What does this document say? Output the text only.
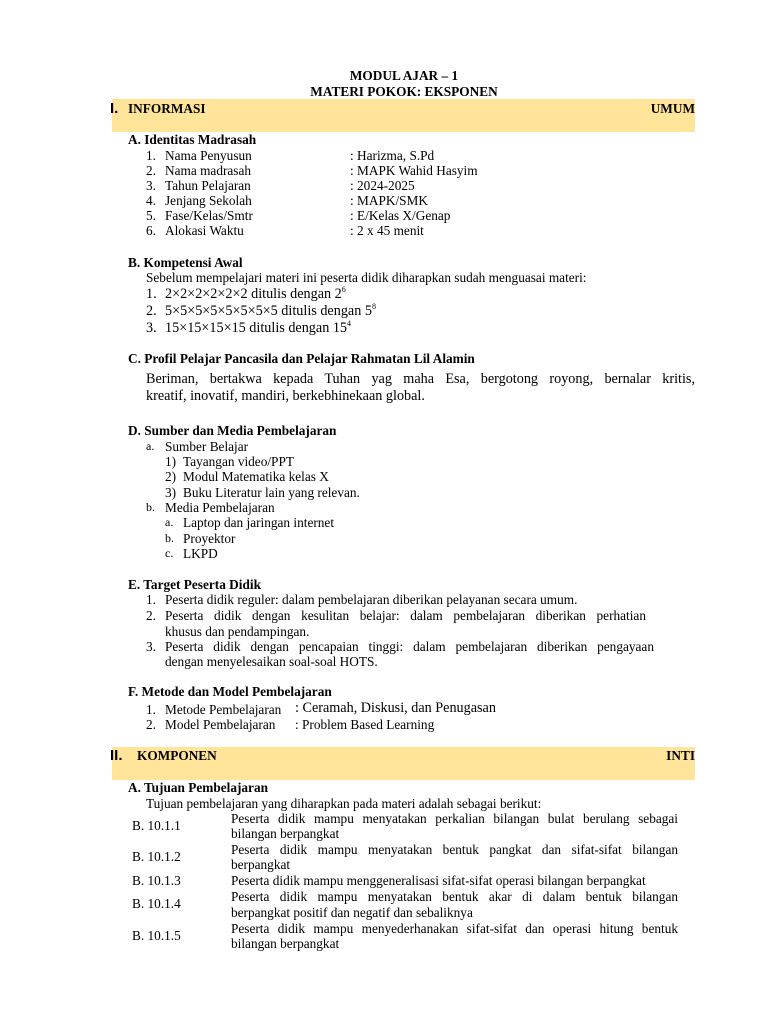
MODUL AJAR – 1
MATERI POKOK: EKSPONEN
I. INFORMASI	UMUM
A. Identitas Madrasah
1. Nama Penyusun	: Harizma, S.Pd
2. Nama madrasah	: MAPK Wahid Hasyim
3. Tahun Pelajaran	: 2024-2025
4. Jenjang Sekolah	: MAPK/SMK
5. Fase/Kelas/Smtr	: E/Kelas X/Genap
6. Alokasi Waktu	: 2 x 45 menit
B. Kompetensi Awal
Sebelum mempelajari materi ini peserta didik diharapkan sudah menguasai materi:
1. 2×2×2×2×2×2 ditulis dengan $2^6$
2. 5×5×5×5×5×5×5×5 ditulis dengan $5^8$
3. 15×15×15×15 ditulis dengan $15^4$
C. Profil Pelajar Pancasila dan Pelajar Rahmatan Lil Alamin
Beriman, bertakwa kepada Tuhan yag maha Esa, bergotong royong, bernalar kritis,
kreatif, inovatif, mandiri, berkebhinekaan global.
D. Sumber dan Media Pembelajaran
a. Sumber Belajar
1) Tayangan video/PPT
2) Modul Matematika kelas X
3) Buku Literatur lain yang relevan.
b. Media Pembelajaran
a. Laptop dan jaringan internet
b. Proyektor
c. LKPD
E. Target Peserta Didik
1. Peserta didik reguler: dalam pembelajaran diberikan pelayanan secara umum.
2. Peserta didik dengan kesulitan belajar: dalam pembelajaran diberikan perhatian
khusus dan pendampingan.
3. Peserta didik dengan pencapaian tinggi: dalam pembelajaran diberikan pengayaan
dengan menyelesaikan soal-soal HOTS.
F. Metode dan Model Pembelajaran
1. Metode Pembelajaran : Ceramah, Diskusi, dan Penugasan
2. Model Pembelajaran : Problem Based Learning
II. KOMPONEN	INTI
A. Tujuan Pembelajaran
Tujuan pembelajaran yang diharapkan pada materi adalah sebagai berikut:
B. 10.1.1	Peserta didik mampu menyatakan perkalian bilangan bulat berulang sebagai
bilangan berpangkat
B. 10.1.2	Peserta didik mampu menyatakan bentuk pangkat dan sifat-sifat bilangan
berpangkat
B. 10.1.3	Peserta didik mampu menggeneralisasi sifat-sifat operasi bilangan berpangkat
B. 10.1.4	Peserta didik mampu menyatakan bentuk akar di dalam bentuk bilangan
berpangkat positif dan negatif dan sebaliknya
B. 10.1.5	Peserta didik mampu menyederhanakan sifat-sifat dan operasi hitung bentuk
bilangan berpangkat
